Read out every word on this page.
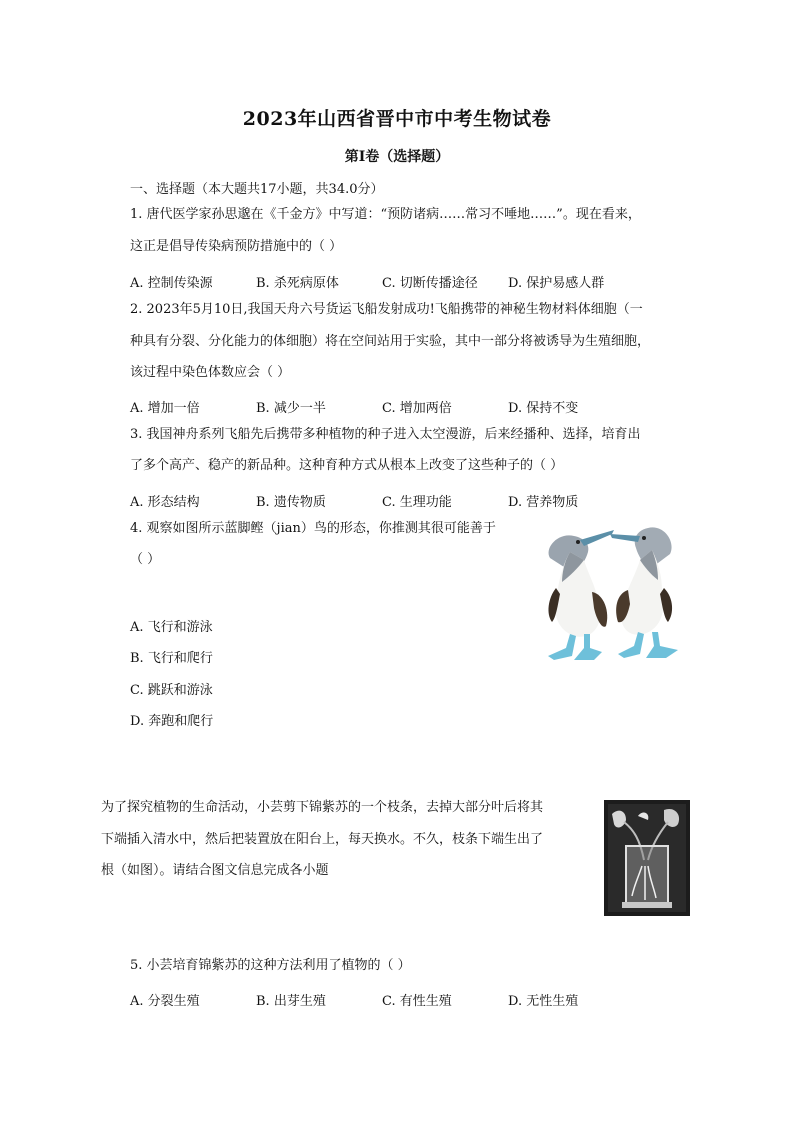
2023年山西省晋中市中考生物试卷
第Ⅰ卷（选择题）
一、选择题（本大题共17小题，共34.0分）
1. 唐代医学家孙思邈在《千金方》中写道：“预防诸病……常习不唾地……”。现在看来，
这正是倡导传染病预防措施中的（ ）
A. 控制传染源	B. 杀死病原体	C. 切断传播途径 D. 保护易感人群
2. 2023年5月10日,我国天舟六号货运飞船发射成功!飞船携带的神秘生物材料体细胞（一
种具有分裂、分化能力的体细胞）将在空间站用于实验，其中一部分将被诱导为生殖细胞，
该过程中染色体数应会（ ）
A. 增加一倍	B. 减少一半	C. 增加两倍	D. 保持不变
3. 我国神舟系列飞船先后携带多种植物的种子进入太空漫游，后来经播种、选择，培育出
了多个高产、稳产的新品种。这种育种方式从根本上改变了这些种子的（ ）
A. 形态结构	B. 遗传物质	C. 生理功能	D. 营养物质
4. 观察如图所示蓝脚鲣（jian）鸟的形态，你推测其很可能善于
（ ）
A. 飞行和游泳
B. 飞行和爬行
C. 跳跃和游泳
D. 奔跑和爬行
为了探究植物的生命活动，小芸剪下锦紫苏的一个枝条，去掉大部分叶后将其
下端插入清水中，然后把装置放在阳台上，每天换水。不久，枝条下端生出了
根（如图）。请结合图文信息完成各小题
5. 小芸培育锦紫苏的这种方法利用了植物的（ ）
A. 分裂生殖	B. 出芽生殖	C. 有性生殖	D. 无性生殖
